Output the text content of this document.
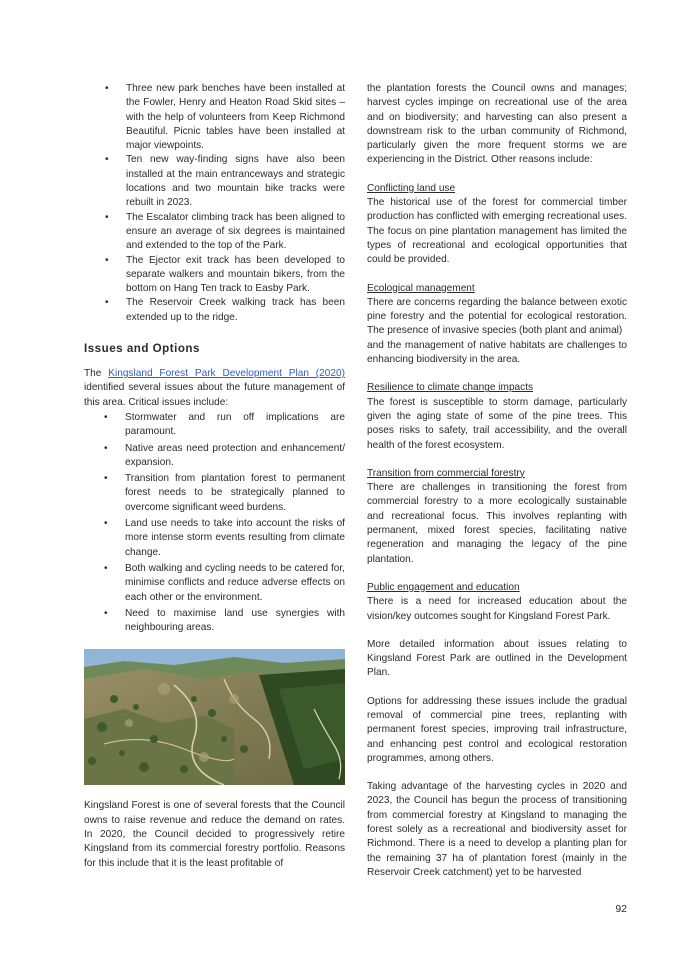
• Three new park benches have been installed at the Fowler, Henry and Heaton Road Skid sites – with the help of volunteers from Keep Richmond Beautiful. Picnic tables have been installed at major viewpoints.
• Ten new way-finding signs have also been installed at the main entranceways and strategic locations and two mountain bike tracks were rebuilt in 2023.
• The Escalator climbing track has been aligned to ensure an average of six degrees is maintained and extended to the top of the Park.
• The Ejector exit track has been developed to separate walkers and mountain bikers, from the bottom on Hang Ten track to Easby Park.
• The Reservoir Creek walking track has been extended up to the ridge.
Issues and Options

The Kingsland Forest Park Development Plan (2020) identified several issues about the future management of this area. Critical issues include:

• Stormwater and run off implications are paramount.
• Native areas need protection and enhancement/ expansion.
• Transition from plantation forest to permanent forest needs to be strategically planned to overcome significant weed burdens.
• Land use needs to take into account the risks of more intense storm events resulting from climate change.
• Both walking and cycling needs to be catered for, minimise conflicts and reduce adverse effects on each other or the environment.
• Need to maximise land use synergies with neighbouring areas.

Kingsland Forest is one of several forests that the Council owns to raise revenue and reduce the demand on rates. In 2020, the Council decided to progressively retire Kingsland from its commercial forestry portfolio. Reasons for this include that it is the least profitable of

the plantation forests the Council owns and manages; harvest cycles impinge on recreational use of the area and on biodiversity; and harvesting can also present a downstream risk to the urban community of Richmond, particularly given the more frequent storms we are experiencing in the District. Other reasons include:

Conflicting land use

The historical use of the forest for commercial timber production has conflicted with emerging recreational uses. The focus on pine plantation management has limited the types of recreational and ecological opportunities that could be provided.

Ecological management

There are concerns regarding the balance between exotic pine forestry and the potential for ecological restoration. The presence of invasive species (both plant and animal)

and the management of native habitats are challenges to enhancing biodiversity in the area.

Resilience to climate change impacts

The forest is susceptible to storm damage, particularly given the aging state of some of the pine trees. This poses risks to safety, trail accessibility, and the overall health of the forest ecosystem.

Transition from commercial forestry

There are challenges in transitioning the forest from commercial forestry to a more ecologically sustainable and recreational focus. This involves replanting with permanent, mixed forest species, facilitating native regeneration and managing the legacy of the pine plantation.

Public engagement and education

There is a need for increased education about the vision/key outcomes sought for Kingsland Forest Park.

More detailed information about issues relating to Kingsland Forest Park are outlined in the Development Plan.

Options for addressing these issues include the gradual removal of commercial pine trees, replanting with permanent forest species, improving trail infrastructure, and enhancing pest control and ecological restoration programmes, among others.

Taking advantage of the harvesting cycles in 2020 and 2023, the Council has begun the process of transitioning from commercial forestry at Kingsland to managing the forest solely as a recreational and biodiversity asset for Richmond. There is a need to develop a planting plan for the remaining 37 ha of plantation forest (mainly in the Reservoir Creek catchment) yet to be harvested

92
